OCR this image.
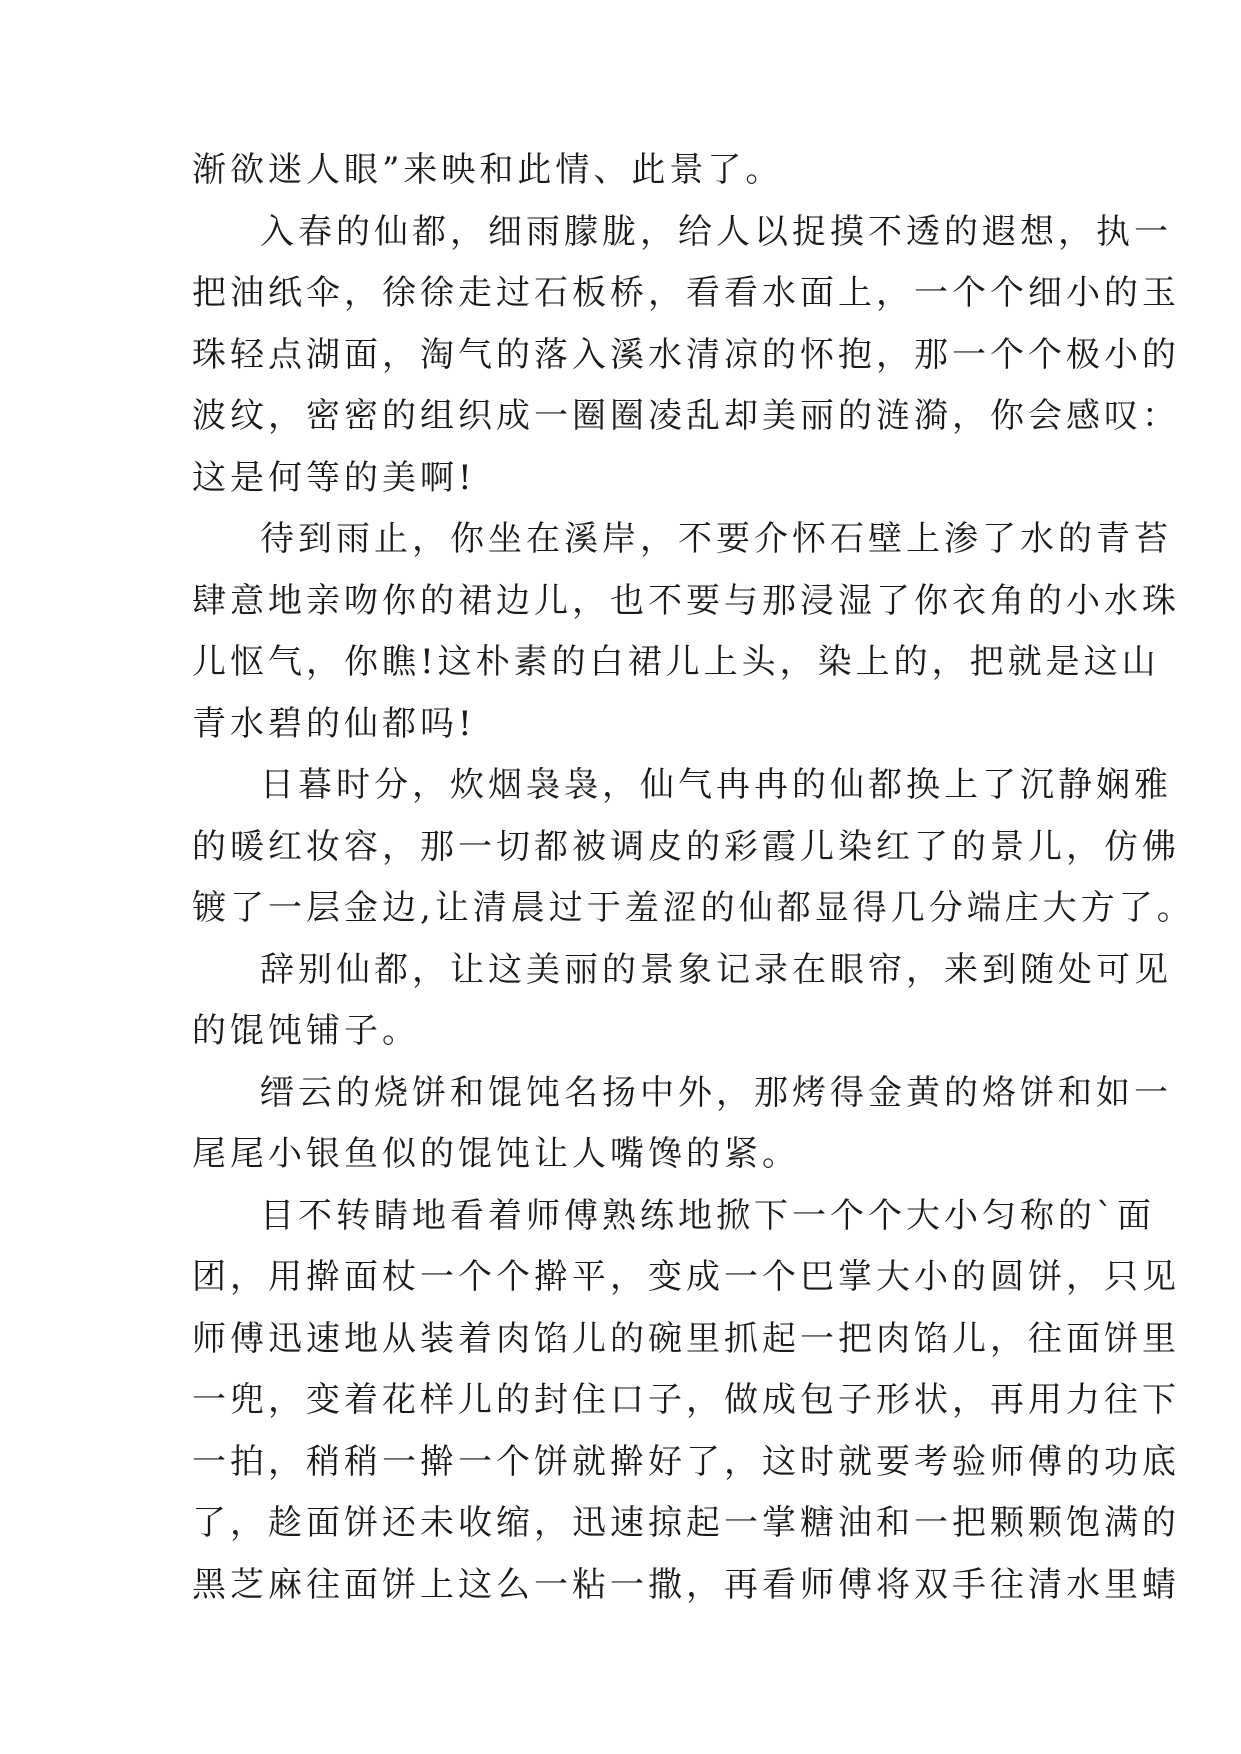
渐欲迷人眼”来映和此情、此景了。
入春的仙都，细雨朦胧，给人以捉摸不透的遐想，执一
把油纸伞，徐徐走过石板桥，看看水面上，一个个细小的玉
珠轻点湖面，淘气的落入溪水清凉的怀抱，那一个个极小的
波纹，密密的组织成一圈圈凌乱却美丽的涟漪，你会感叹：
这是何等的美啊!
待到雨止，你坐在溪岸，不要介怀石壁上渗了水的青苔
肆意地亲吻你的裙边儿，也不要与那浸湿了你衣角的小水珠
儿怄气，你瞧!这朴素的白裙儿上头，染上的，把就是这山
青水碧的仙都吗!
日暮时分，炊烟袅袅，仙气冉冉的仙都换上了沉静娴雅
的暖红妆容，那一切都被调皮的彩霞儿染红了的景儿，仿佛
镀了一层金边,让清晨过于羞涩的仙都显得几分端庄大方了。
辞别仙都，让这美丽的景象记录在眼帘，来到随处可见
的馄饨铺子。
缙云的烧饼和馄饨名扬中外，那烤得金黄的烙饼和如一
尾尾小银鱼似的馄饨让人嘴馋的紧。
目不转睛地看着师傅熟练地掀下一个个大小匀称的`面
团，用擀面杖一个个擀平，变成一个巴掌大小的圆饼，只见
师傅迅速地从装着肉馅儿的碗里抓起一把肉馅儿，往面饼里
一兜，变着花样儿的封住口子，做成包子形状，再用力往下
一拍，稍稍一擀一个饼就擀好了，这时就要考验师傅的功底
了，趁面饼还未收缩，迅速掠起一掌糖油和一把颗颗饱满的
黑芝麻往面饼上这么一粘一撒，再看师傅将双手往清水里蜻
